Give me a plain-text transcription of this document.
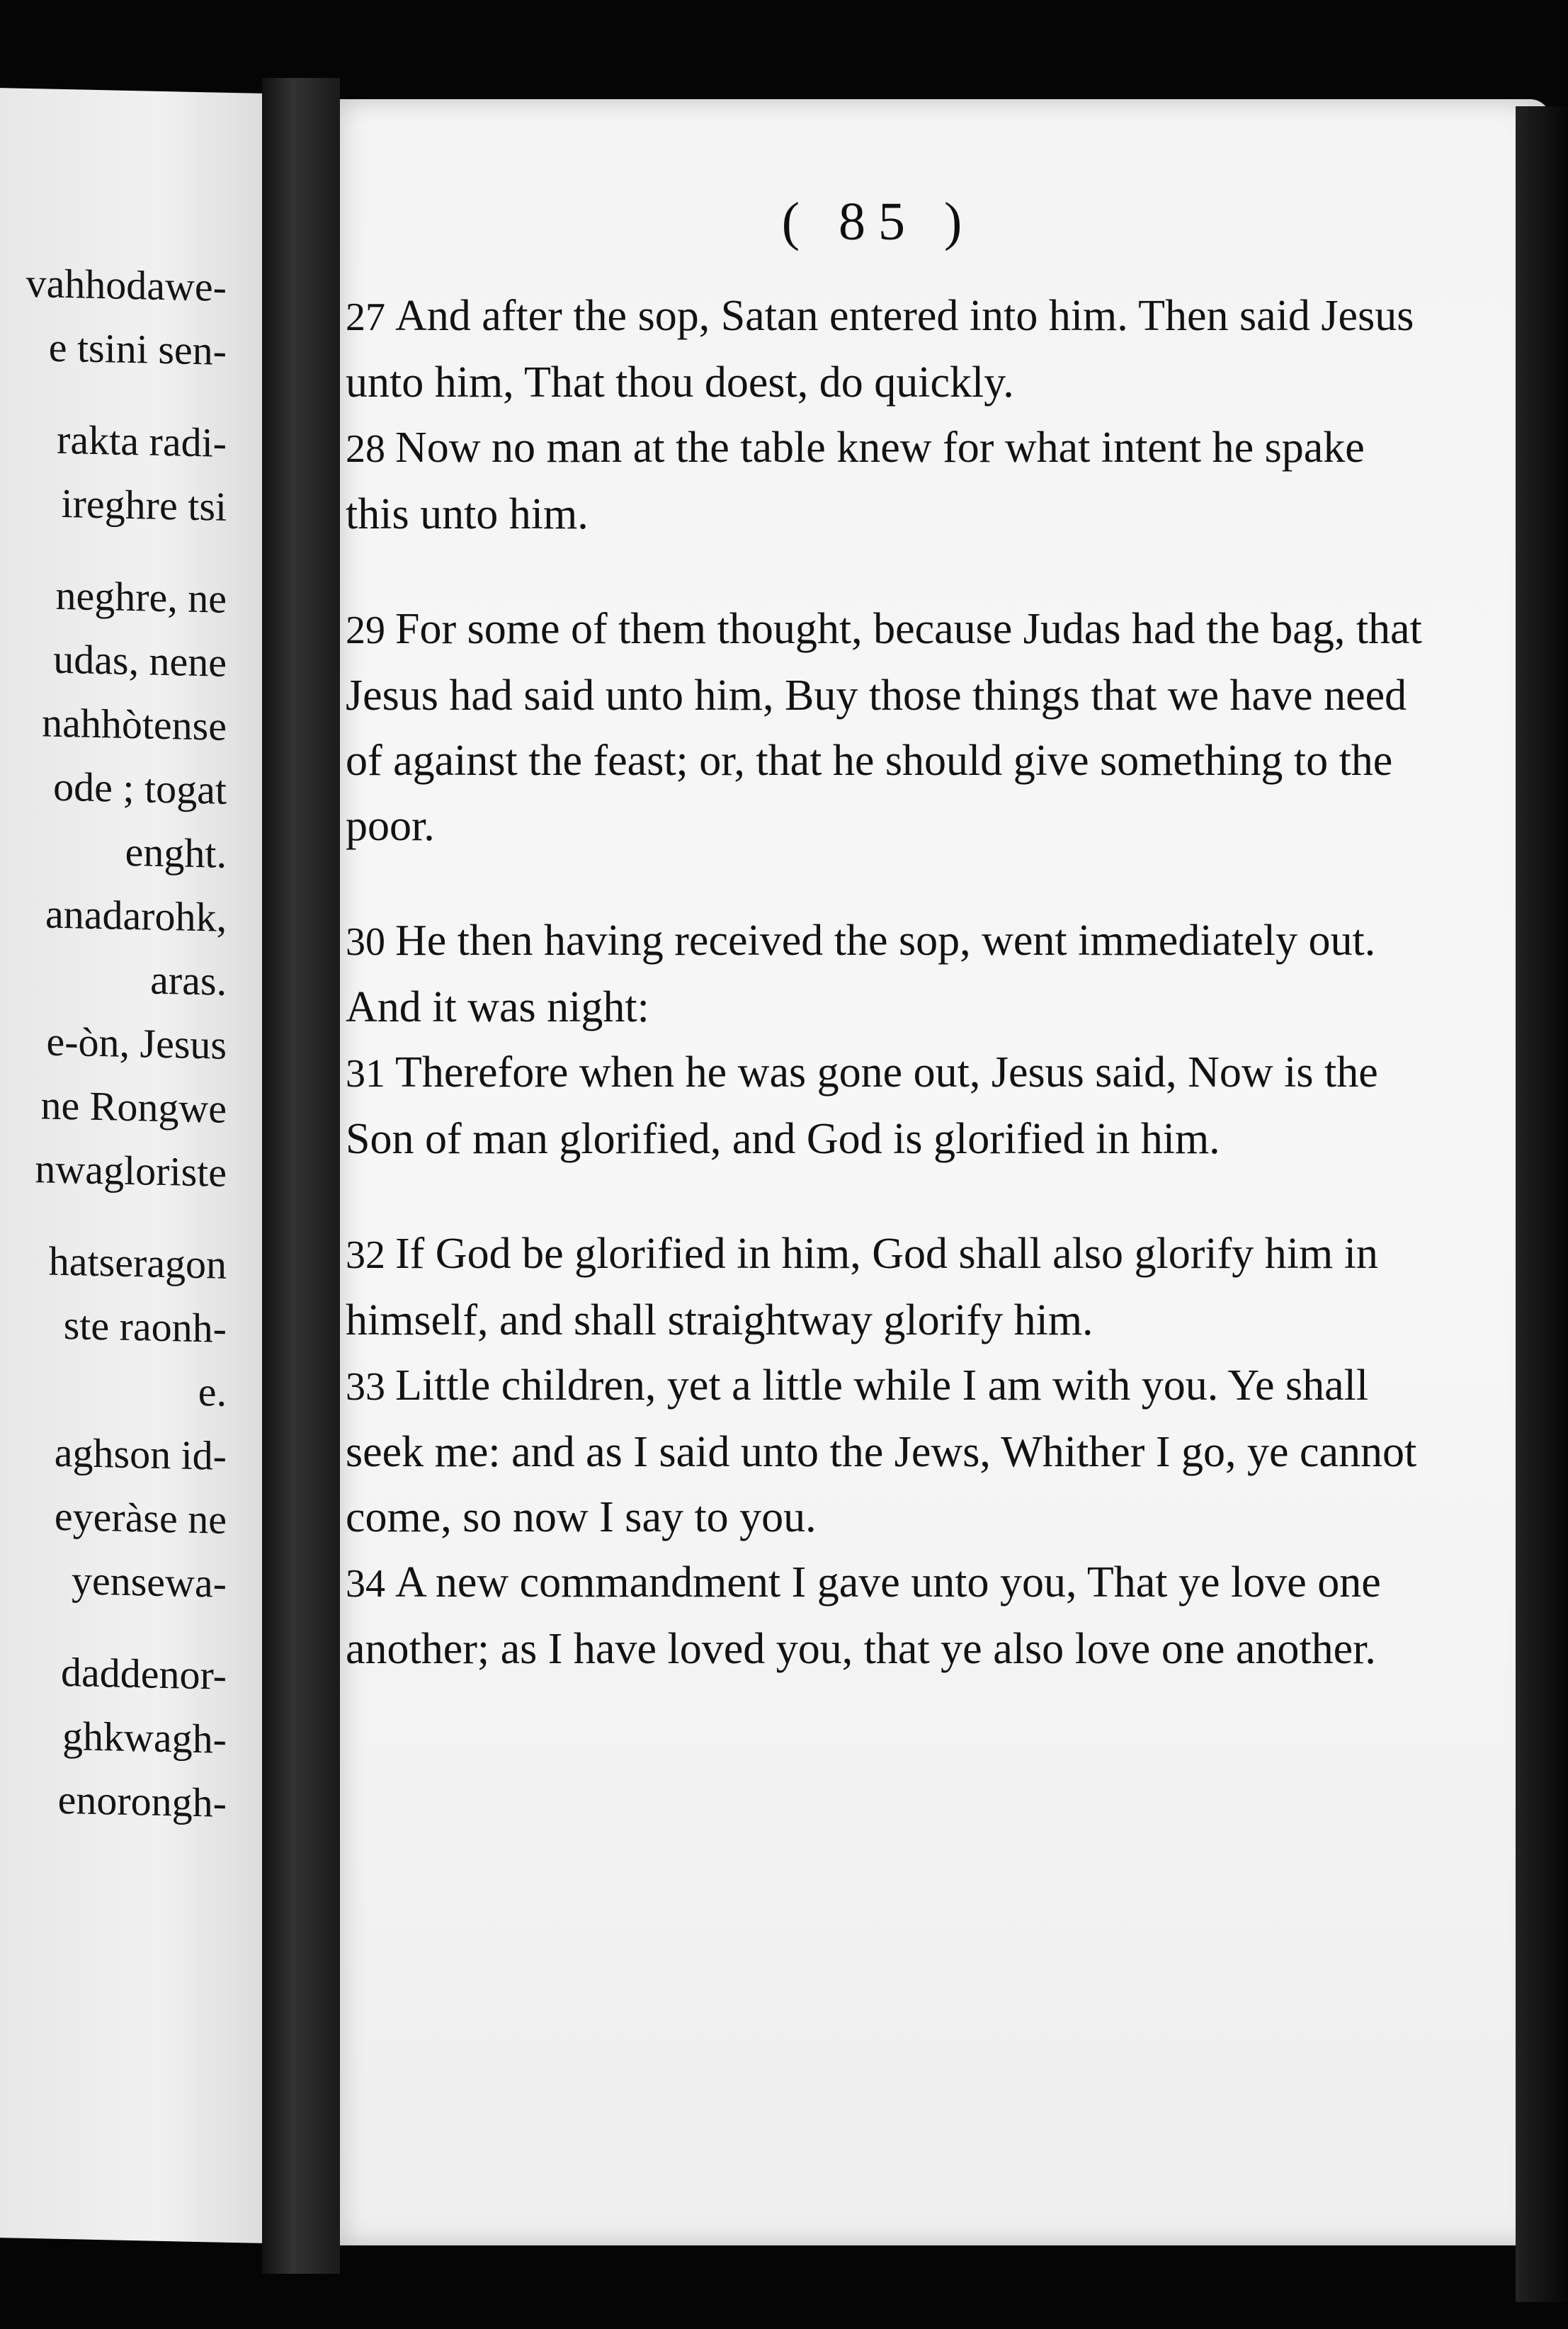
vahhodawe-
e tsini sen-
rakta radi-
ireghre tsi
neghre, ne
udas, nene
nahhòtense
ode ; togat
enght.
anadarohk,
aras.
e-òn, Jesus
ne Rongwe
nwagloriste
hatseragon
ste raonh-
e.
aghson id-
eyeràse ne
yensewa-
daddenor-
ghkwagh-
enorongh-
( 85 )

27 And after the sop, Satan entered into him. Then said Jesus unto him, That thou doest, do quickly.

28 Now no man at the table knew for what intent he spake this unto him.

29 For some of them thought, because Judas had the bag, that Jesus had said unto him, Buy those things that we have need of against the feast; or, that he should give something to the poor.

30 He then having received the sop, went immediately out. And it was night:

31 Therefore when he was gone out, Jesus said, Now is the Son of man glorified, and God is glorified in him.

32 If God be glorified in him, God shall also glorify him in himself, and shall straightway glorify him.

33 Little children, yet a little while I am with you. Ye shall seek me: and as I said unto the Jews, Whither I go, ye cannot come, so now I say to you.

34 A new commandment I gave unto you, That ye love one another; as I have loved you, that ye also love one another.
